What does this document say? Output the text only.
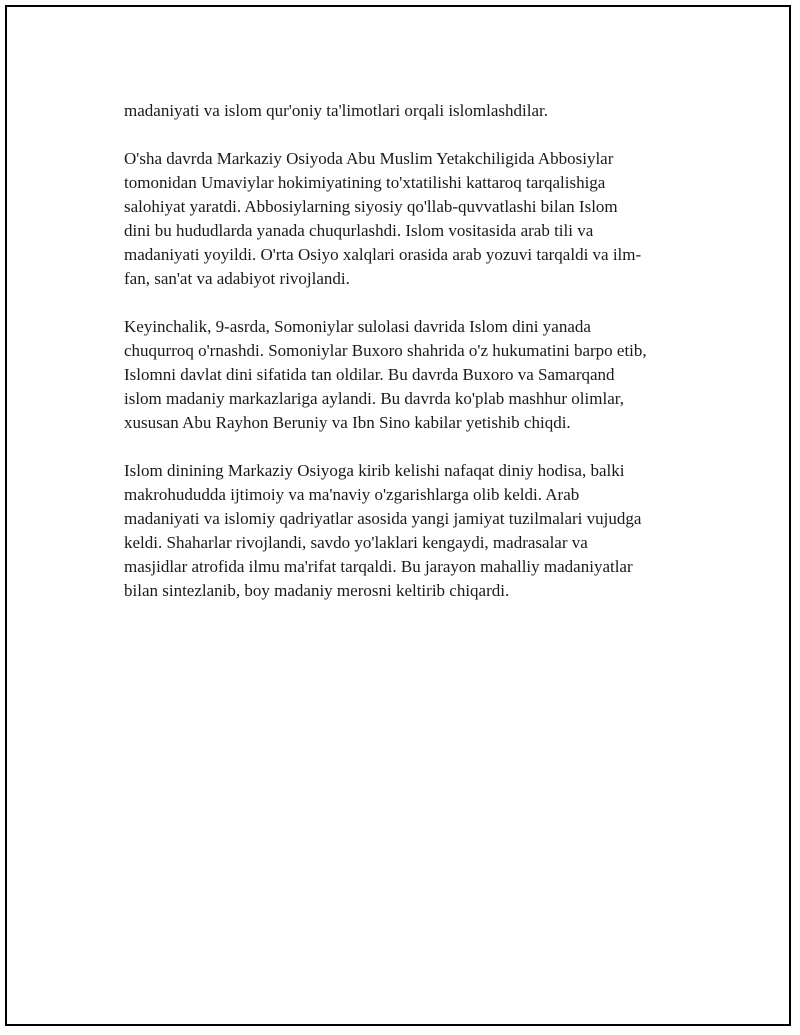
madaniyati va islom qur'oniy ta'limotlari orqali islomlashdilar.

O'sha davrda Markaziy Osiyoda Abu Muslim Yetakchiligida Abbosiylar
tomonidan Umaviylar hokimiyatining to'xtatilishi kattaroq tarqalishiga
salohiyat yaratdi. Abbosiylarning siyosiy qo'llab-quvvatlashi bilan Islom
dini bu hududlarda yanada chuqurlashdi. Islom vositasida arab tili va
madaniyati yoyildi. O'rta Osiyo xalqlari orasida arab yozuvi tarqaldi va ilm-
fan, san'at va adabiyot rivojlandi.

Keyinchalik, 9-asrda, Somoniylar sulolasi davrida Islom dini yanada
chuqurroq o'rnashdi. Somoniylar Buxoro shahrida o'z hukumatini barpo etib,
Islomni davlat dini sifatida tan oldilar. Bu davrda Buxoro va Samarqand
islom madaniy markazlariga aylandi. Bu davrda ko'plab mashhur olimlar,
xususan Abu Rayhon Beruniy va Ibn Sino kabilar yetishib chiqdi.

Islom dinining Markaziy Osiyoga kirib kelishi nafaqat diniy hodisa, balki
makrohududda ijtimoiy va ma'naviy o'zgarishlarga olib keldi. Arab
madaniyati va islomiy qadriyatlar asosida yangi jamiyat tuzilmalari vujudga
keldi. Shaharlar rivojlandi, savdo yo'laklari kengaydi, madrasalar va
masjidlar atrofida ilmu ma'rifat tarqaldi. Bu jarayon mahalliy madaniyatlar
bilan sintezlanib, boy madaniy merosni keltirib chiqardi.
